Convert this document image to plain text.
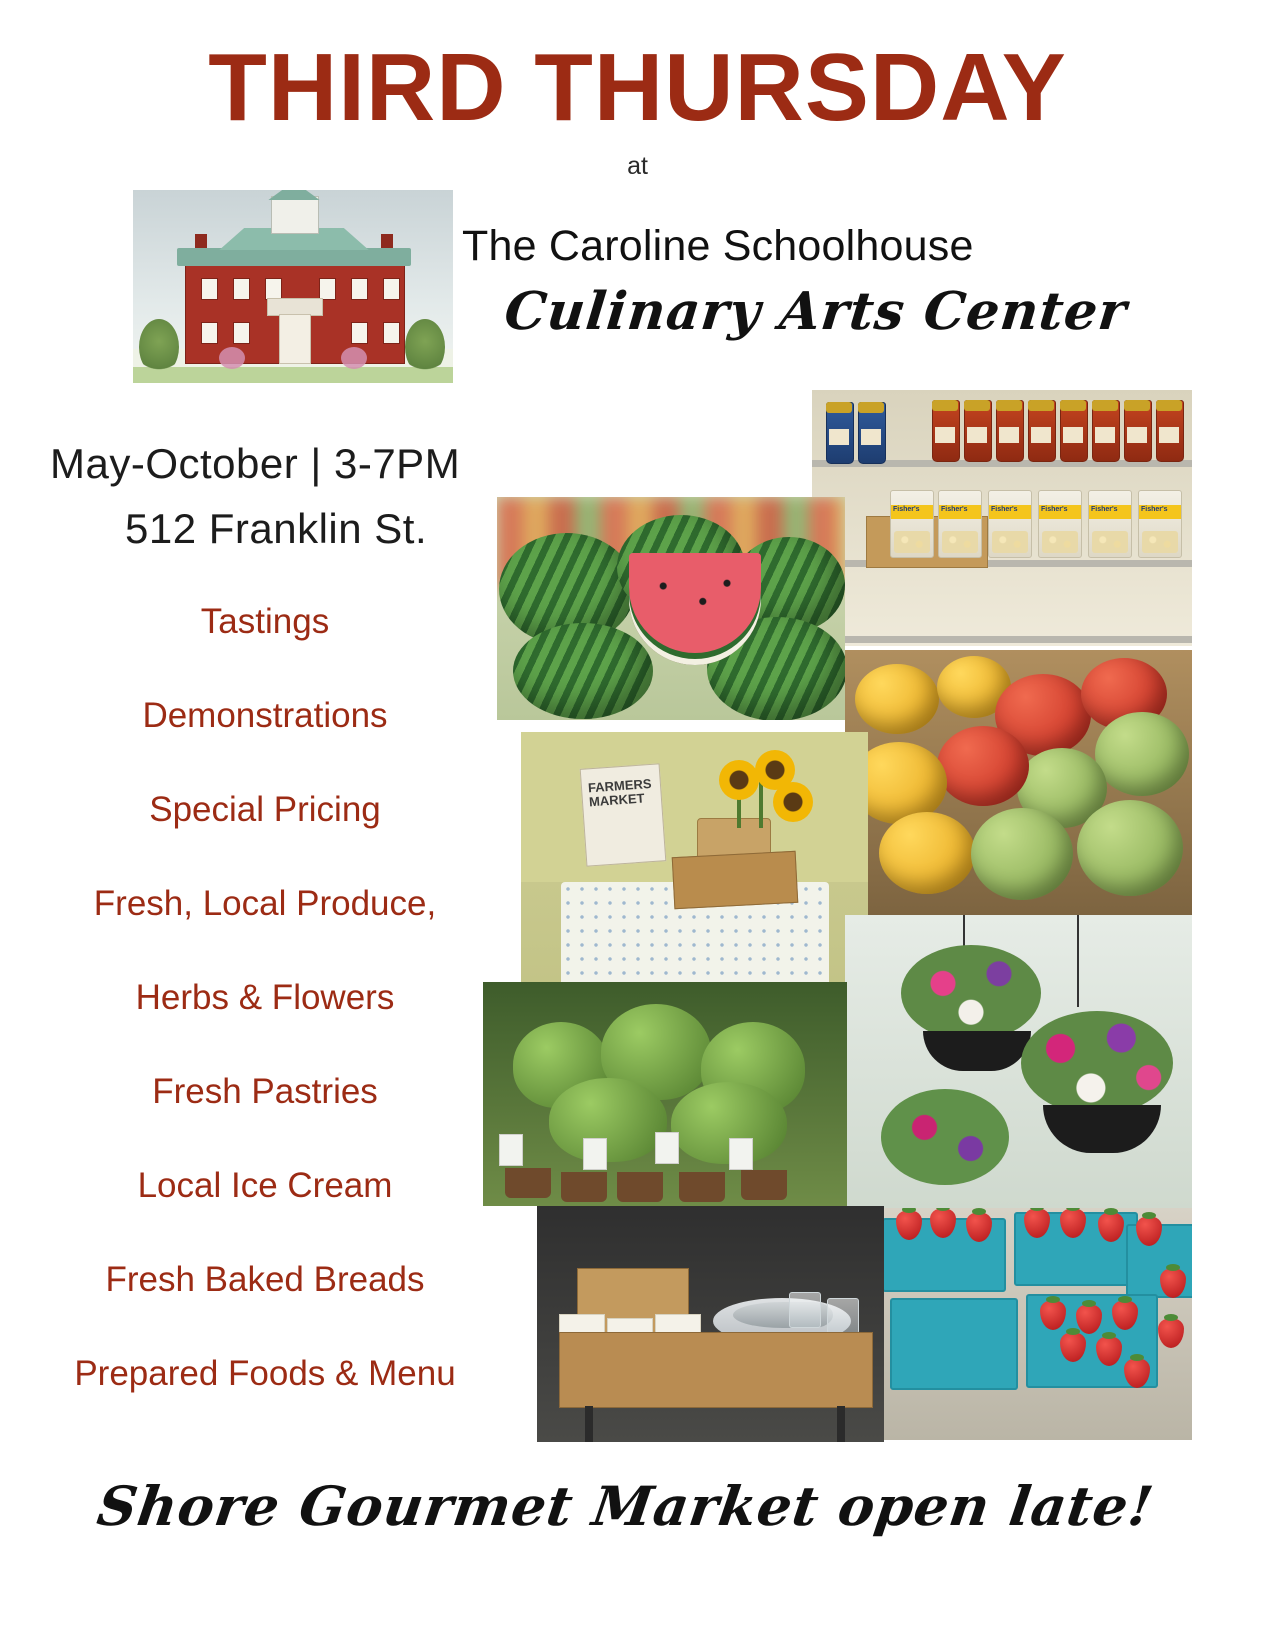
THIRD THURSDAY
at
The Caroline Schoolhouse
Culinary Arts Center
May-October | 3-7PM
512 Franklin St.
Tastings
Demonstrations
Special Pricing
Fresh, Local Produce,
Herbs & Flowers
Fresh Pastries
Local Ice Cream
Fresh Baked Breads
Prepared Foods & Menu
Shore Gourmet Market open late!
Fisher's	Fisher's	Fisher's	Fisher's	Fisher's	Fisher's
FARMERS
MARKET
